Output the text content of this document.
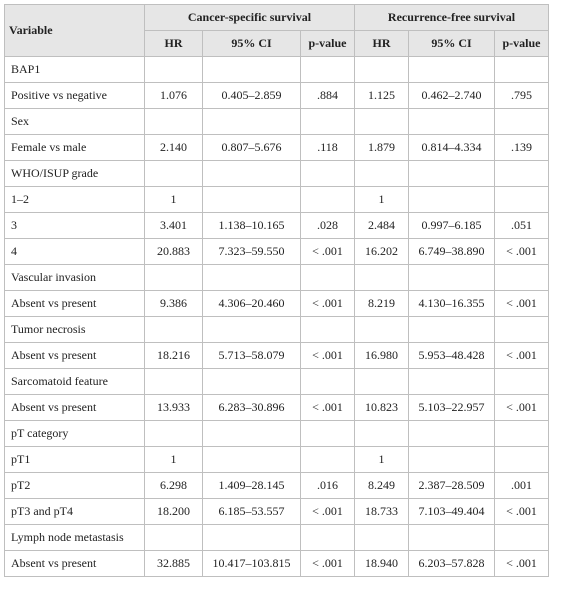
Variable	Cancer-specific survival			Recurrence-free survival		
	HR	95% CI	p-value	HR	95% CI	p-value
BAP1						
Positive vs negative	1.076	0.405–2.859	.884	1.125	0.462–2.740	.795
Sex						
Female vs male	2.140	0.807–5.676	.118	1.879	0.814–4.334	.139
WHO/ISUP grade						
1–2	1			1		
3	3.401	1.138–10.165	.028	2.484	0.997–6.185	.051
4	20.883	7.323–59.550	< .001	16.202	6.749–38.890	< .001
Vascular invasion						
Absent vs present	9.386	4.306–20.460	< .001	8.219	4.130–16.355	< .001
Tumor necrosis						
Absent vs present	18.216	5.713–58.079	< .001	16.980	5.953–48.428	< .001
Sarcomatoid feature						
Absent vs present	13.933	6.283–30.896	< .001	10.823	5.103–22.957	< .001
pT category						
pT1	1			1		
pT2	6.298	1.409–28.145	.016	8.249	2.387–28.509	.001
pT3 and pT4	18.200	6.185–53.557	< .001	18.733	7.103–49.404	< .001
Lymph node metastasis						
Absent vs present	32.885	10.417–103.815	< .001	18.940	6.203–57.828	< .001
